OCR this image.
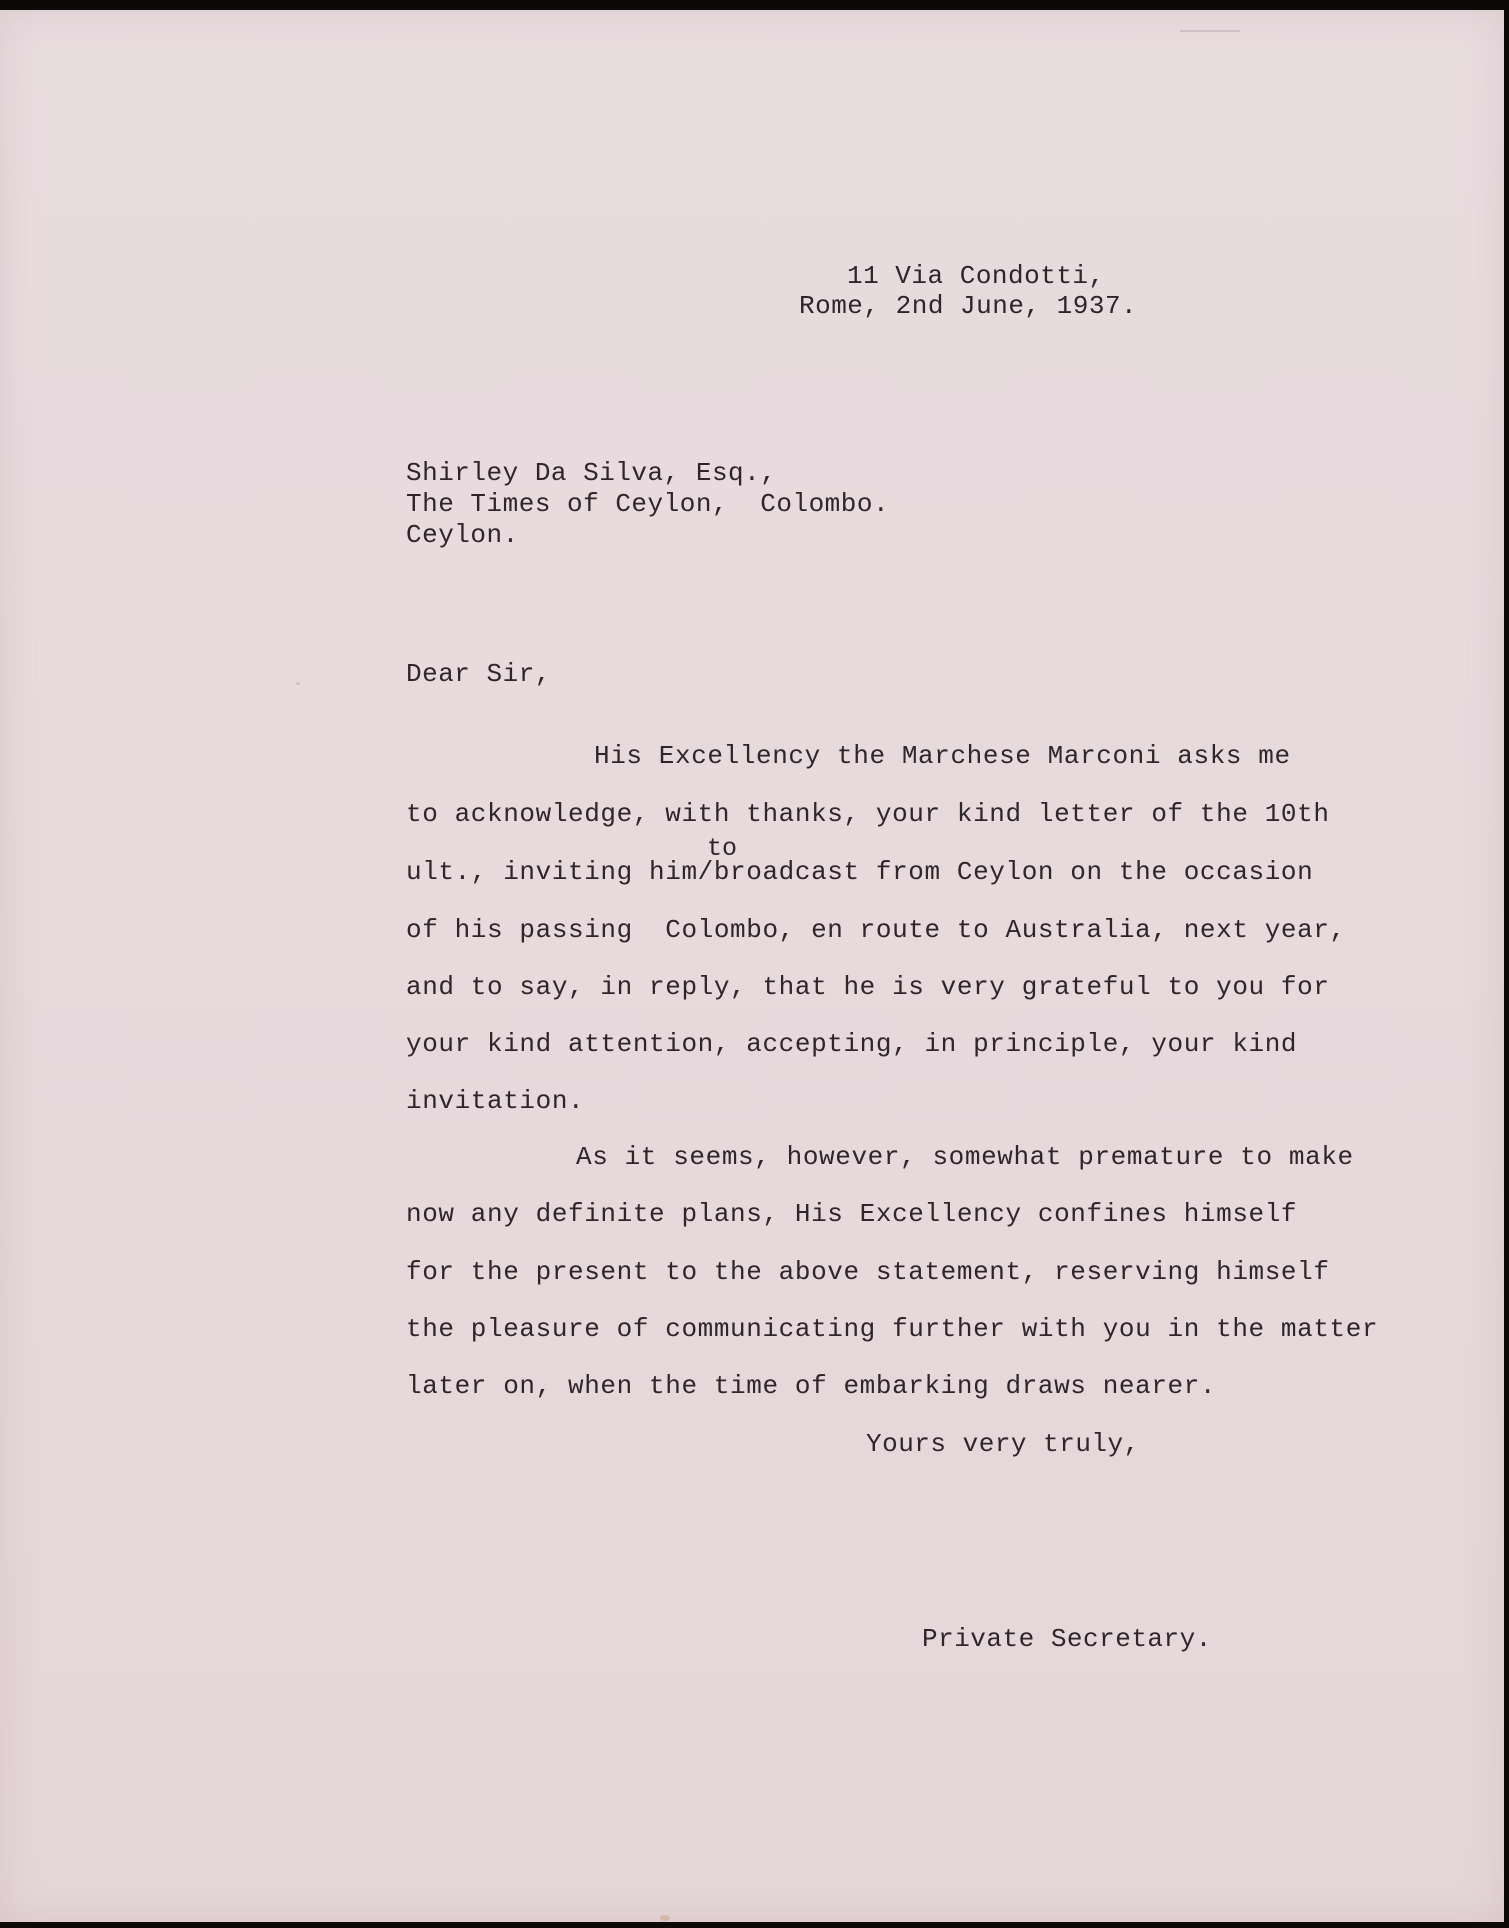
11 Via Condotti,
Rome, 2nd June, 1937.
Shirley Da Silva, Esq.,
The Times of Ceylon,  Colombo.
Ceylon.
Dear Sir,
His Excellency the Marchese Marconi asks me
to acknowledge, with thanks, your kind letter of the 10th
to
ult., inviting him/broadcast from Ceylon on the occasion
of his passing  Colombo, en route to Australia, next year,
and to say, in reply, that he is very grateful to you for
your kind attention, accepting, in principle, your kind
invitation.
As it seems, however, somewhat premature to make
now any definite plans, His Excellency confines himself
for the present to the above statement, reserving himself
the pleasure of communicating further with you in the matter
later on, when the time of embarking draws nearer.
Yours very truly,
Private Secretary.
